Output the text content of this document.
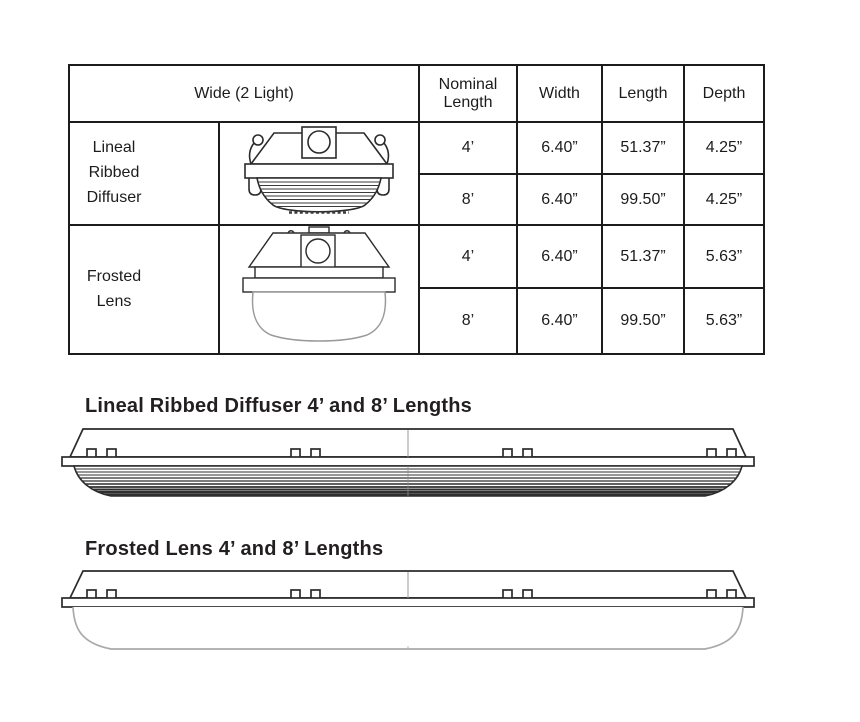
Wide (2 Light)		Nominal Length	Width	Length	Depth

Lineal Ribbed Diffuser		4’	6.40”	51.37”	4.25”
		8’	6.40”	99.50”	4.25”

Frosted Lens		4’	6.40”	51.37”	5.63”
		8’	6.40”	99.50”	5.63”
Lineal Ribbed Diffuser 4’ and 8’ Lengths
Frosted Lens 4’ and 8’ Lengths
